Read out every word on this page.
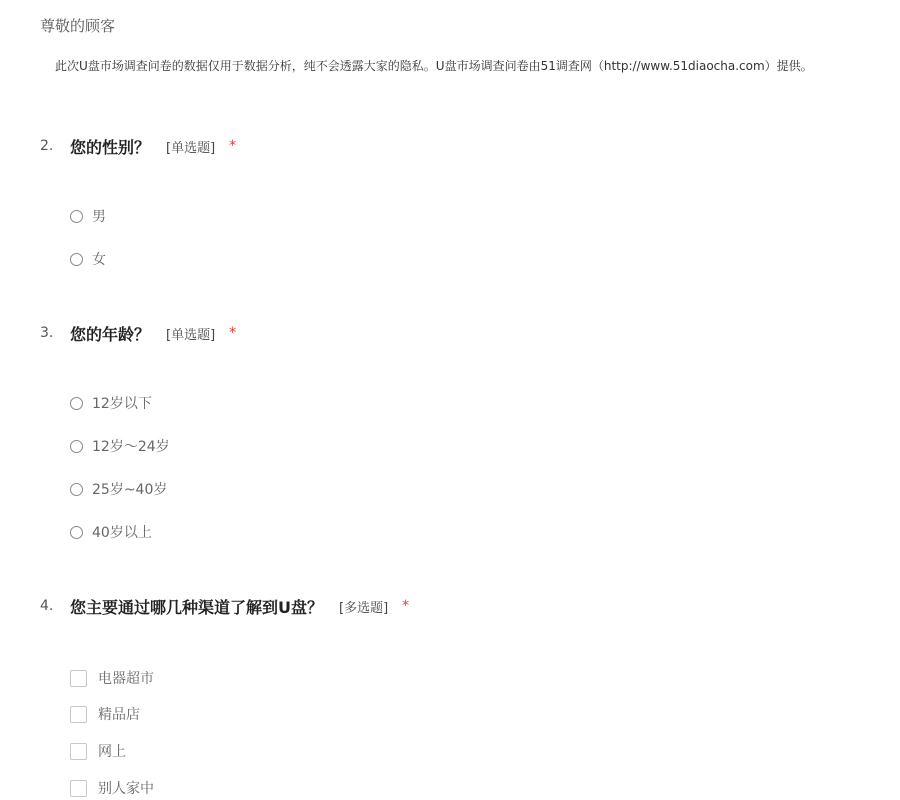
尊敬的顾客
此次U盘市场调查问卷的数据仅用于数据分析，纯不会透露大家的隐私。U盘市场调查问卷由51调查网（http://www.51diaocha.com）提供。
2.	您的性别？ [单选题] *
男
女
3.	您的年龄？ [单选题] *
12岁以下
12岁～24岁
25岁~40岁
40岁以上
4.	您主要通过哪几种渠道了解到U盘？ [多选题] *
电器超市
精品店
网上
别人家中
